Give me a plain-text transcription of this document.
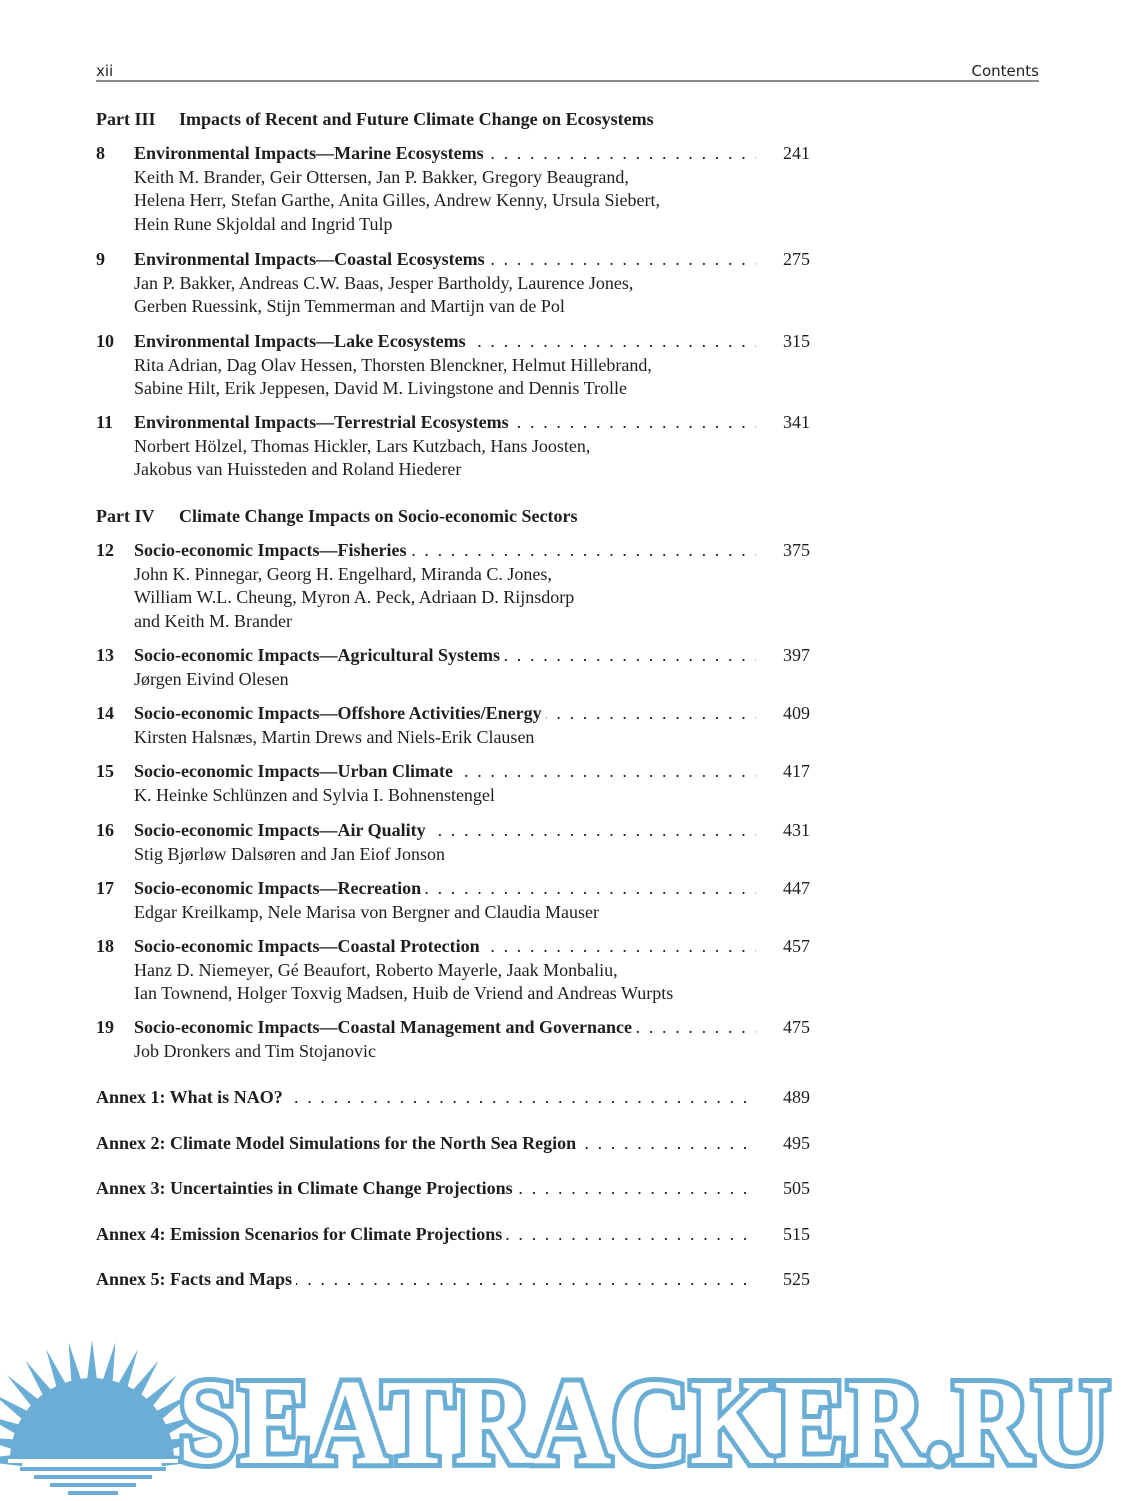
xii	Contents
Part III Impacts of Recent and Future Climate Change on Ecosystems
8 Environmental Impacts—Marine Ecosystems . . .	241
Keith M. Brander, Geir Ottersen, Jan P. Bakker, Gregory Beaugrand,
Helena Herr, Stefan Garthe, Anita Gilles, Andrew Kenny, Ursula Siebert,
Hein Rune Skjoldal and Ingrid Tulp
9 Environmental Impacts—Coastal Ecosystems . . .	275
Jan P. Bakker, Andreas C.W. Baas, Jesper Bartholdy, Laurence Jones,
Gerben Ruessink, Stijn Temmerman and Martijn van de Pol
10 Environmental Impacts—Lake Ecosystems . . .	315
Rita Adrian, Dag Olav Hessen, Thorsten Blenckner, Helmut Hillebrand,
Sabine Hilt, Erik Jeppesen, David M. Livingstone and Dennis Trolle
11 Environmental Impacts—Terrestrial Ecosystems . . .	341
Norbert Hölzel, Thomas Hickler, Lars Kutzbach, Hans Joosten,
Jakobus van Huissteden and Roland Hiederer
Part IV Climate Change Impacts on Socio-economic Sectors
12 Socio-economic Impacts—Fisheries . . .	375
John K. Pinnegar, Georg H. Engelhard, Miranda C. Jones,
William W.L. Cheung, Myron A. Peck, Adriaan D. Rijnsdorp
and Keith M. Brander
13 Socio-economic Impacts—Agricultural Systems . . .	397
Jørgen Eivind Olesen
14 Socio-economic Impacts—Offshore Activities/Energy . . .	409
Kirsten Halsnæs, Martin Drews and Niels-Erik Clausen
15 Socio-economic Impacts—Urban Climate . . .	417
K. Heinke Schlünzen and Sylvia I. Bohnenstengel
16 Socio-economic Impacts—Air Quality . . .	431
Stig Bjørløw Dalsøren and Jan Eiof Jonson
17 Socio-economic Impacts—Recreation . . .	447
Edgar Kreilkamp, Nele Marisa von Bergner and Claudia Mauser
18 Socio-economic Impacts—Coastal Protection . . .	457
Hanz D. Niemeyer, Gé Beaufort, Roberto Mayerle, Jaak Monbaliu,
Ian Townend, Holger Toxvig Madsen, Huib de Vriend and Andreas Wurpts
19 Socio-economic Impacts—Coastal Management and Governance . . .	475
Job Dronkers and Tim Stojanovic
Annex 1: What is NAO? . . .	489
Annex 2: Climate Model Simulations for the North Sea Region . . .	495
Annex 3: Uncertainties in Climate Change Projections . . .	505
Annex 4: Emission Scenarios for Climate Projections . . .	515
Annex 5: Facts and Maps . . .	525
SEATRACKER.RU
